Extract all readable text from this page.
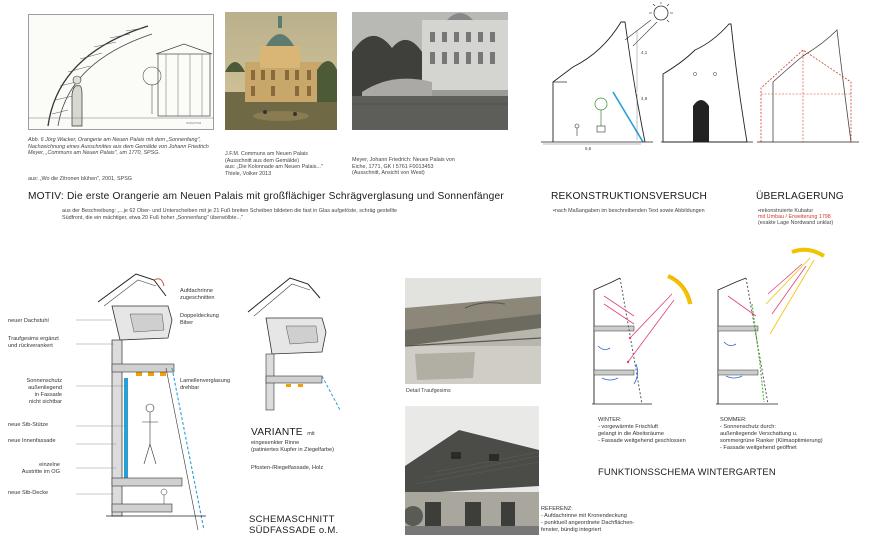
SIGNATUR
Abb. 6 Jörg Wacker, Orangerie am Neuen Palais mit dem „Sonnenfang", Nachzeichnung eines Ausschnittes aus dem Gemälde von Johann Friedrich Meyer, „Communs am Neuen Palais", um 1770, SPSG.
aus: „Wo die Zitronen blühen", 2001, SPSG
J.F.M. Communs am Neuen Palais
(Ausschnitt aus dem Gemälde)
aus: „Die Kolonnade am Neuen Palais..."
Thiele, Volker 2013
Meyer, Johann Friedrich: Neues Palais von
Eiche, 1771, GK I 5761 F0013453
(Ausschnitt, Ansicht von West)
4,1
4,9
6,6
MOTIV: Die erste Orangerie am Neuen Palais mit großflächiger Schrägverglasung und Sonnenfänger
aus der Beschreibung: „...je 62 Ober- und Unterscheiben mit je 21 Fuß breiten Scheiben bildeten die fast in Glas aufgelöste, schräg gestellte
Südfront, die ein mächtiger, etwa 20 Fuß hoher „Sonnenfang" überwölbte..."
REKONSTRUKTIONSVERSUCH
•nach Maßangaben im beschreibenden Text sowie Abbildungen
ÜBERLAGERUNG
•rekonstruierte Kubatur
mit Umbau / Erweiterung 1798
(exakte Lage Nordwand unklar)
neuer Dachstuhl
Traufgesims ergänzt
und rückverankert
Sonnenschutz
außenliegend
in Fassade
nicht sichtbar
neue Stb-Stütze
neue Innenfassade
einzelne
Austritte im OG
neue Stb-Decke
Aufdachrinne
zugeschnitten
Doppeldeckung
Biber
Lamellenverglasung
drehbar
VARIANTE mit
eingesenkter Rinne
(patiniertes Kupfer in Ziegelfarbe)
Pfosten-/Riegelfassade, Holz
SCHEMASCHNITT
SÜDFASSADE o.M.
Detail Traufgesims
REFERENZ:
- Aufdachrinne mit Kronendeckung
- punktuell angeordnete Dachflächen-
fenster, bündig integriert
WINTER:
- vorgewärmte Frischluft
gelangt in die Abeitsräume
- Fassade weitgehend geschlossen
SOMMER:
- Sonnenschutz durch:
außenliegende Verschattung u.
sommergrüne Ranker (Klimaoptimierung)
- Fassade weitgehend geöffnet
FUNKTIONSSCHEMA WINTERGARTEN
